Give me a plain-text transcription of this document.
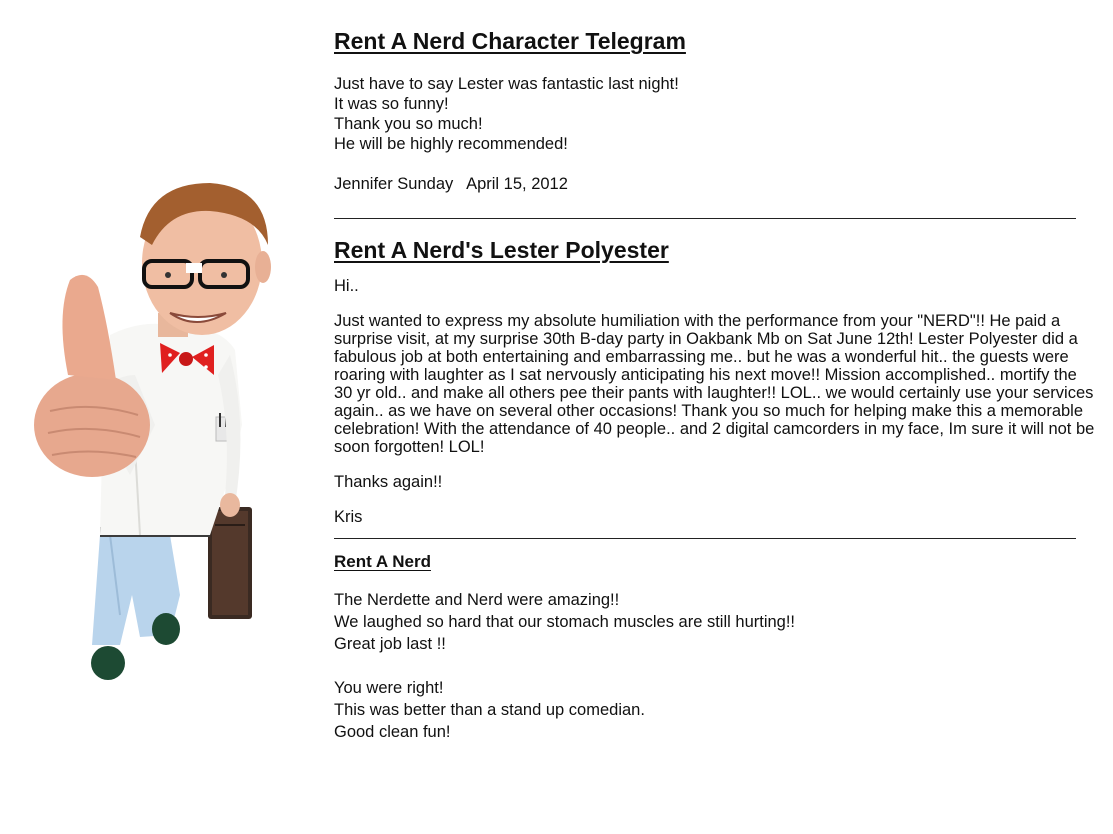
Rent A Nerd Character Telegram

Just have to say Lester was fantastic last night!

It was so funny!

Thank you so much!

He will be highly recommended!

Jennifer Sunday   April 15, 2012

Rent A Nerd's Lester Polyester

Hi..

Just wanted to express my absolute humiliation with the performance from your "NERD"!! He paid a surprise visit, at my surprise 30th B-day party in Oakbank Mb on Sat June 12th! Lester Polyester did a fabulous job at both entertaining and embarrassing me.. but he was a wonderful hit.. the guests were roaring with laughter as I sat nervously anticipating his next move!! Mission accomplished.. mortify the 30 yr old.. and make all others pee their pants with laughter!! LOL.. we would certainly use your services again.. as we have on several other occasions! Thank you so much for helping make this a memorable celebration! With the attendance of 40 people.. and 2 digital camcorders in my face, Im sure it will not be soon forgotten! LOL!

Thanks again!!

Kris

Rent A Nerd

The Nerdette and Nerd were amazing!!

We laughed so hard that our stomach muscles are still hurting!!

Great job last !!

You were right!

This was better than a stand up comedian.

Good clean fun!
